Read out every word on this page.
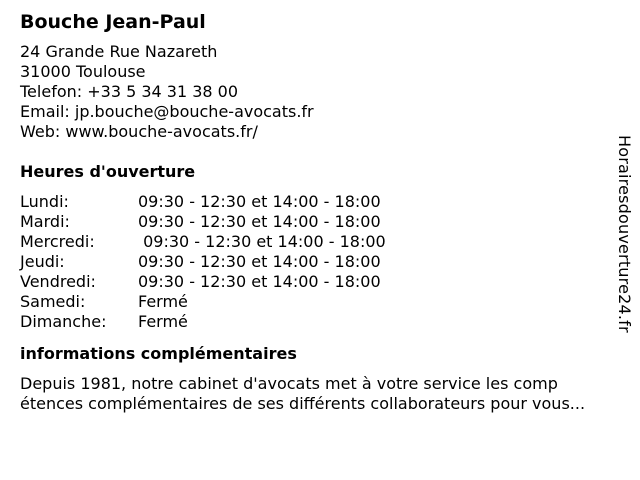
Bouche Jean-Paul
24 Grande Rue Nazareth
31000 Toulouse
Telefon: +33 5 34 31 38 00
Email: jp.bouche@bouche-avocats.fr
Web: www.bouche-avocats.fr/
Heures d'ouverture
Lundi:	09:30 - 12:30 et 14:00 - 18:00
Mardi:	09:30 - 12:30 et 14:00 - 18:00
Mercredi:	09:30 - 12:30 et 14:00 - 18:00
Jeudi:	09:30 - 12:30 et 14:00 - 18:00
Vendredi:	09:30 - 12:30 et 14:00 - 18:00
Samedi:	Fermé
Dimanche:	Fermé
informations complémentaires
Depuis 1981, notre cabinet d'avocats met à votre service les comp
étences complémentaires de ses différents collaborateurs pour vous...
Horairesdouverture24.fr
